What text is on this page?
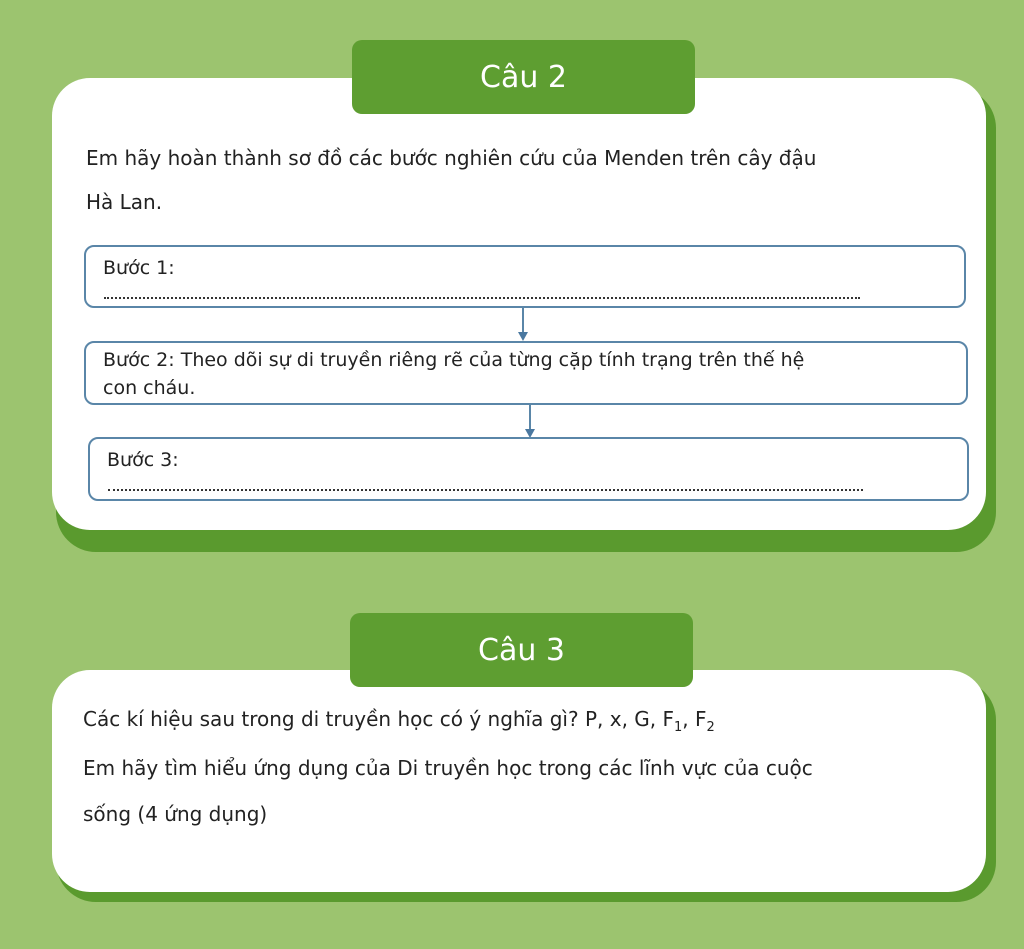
Câu 2
Em hãy hoàn thành sơ đồ các bước nghiên cứu của Menden trên cây đậu
Hà Lan.
Bước 1:
Bước 2: Theo dõi sự di truyền riêng rẽ của từng cặp tính trạng trên thế hệ
con cháu.
Bước 3:
Câu 3
Các kí hiệu sau trong di truyền học có ý nghĩa gì? P, x, G, $F_1$, $F_2$
Em hãy tìm hiểu ứng dụng của Di truyền học trong các lĩnh vực của cuộc
sống (4 ứng dụng)
